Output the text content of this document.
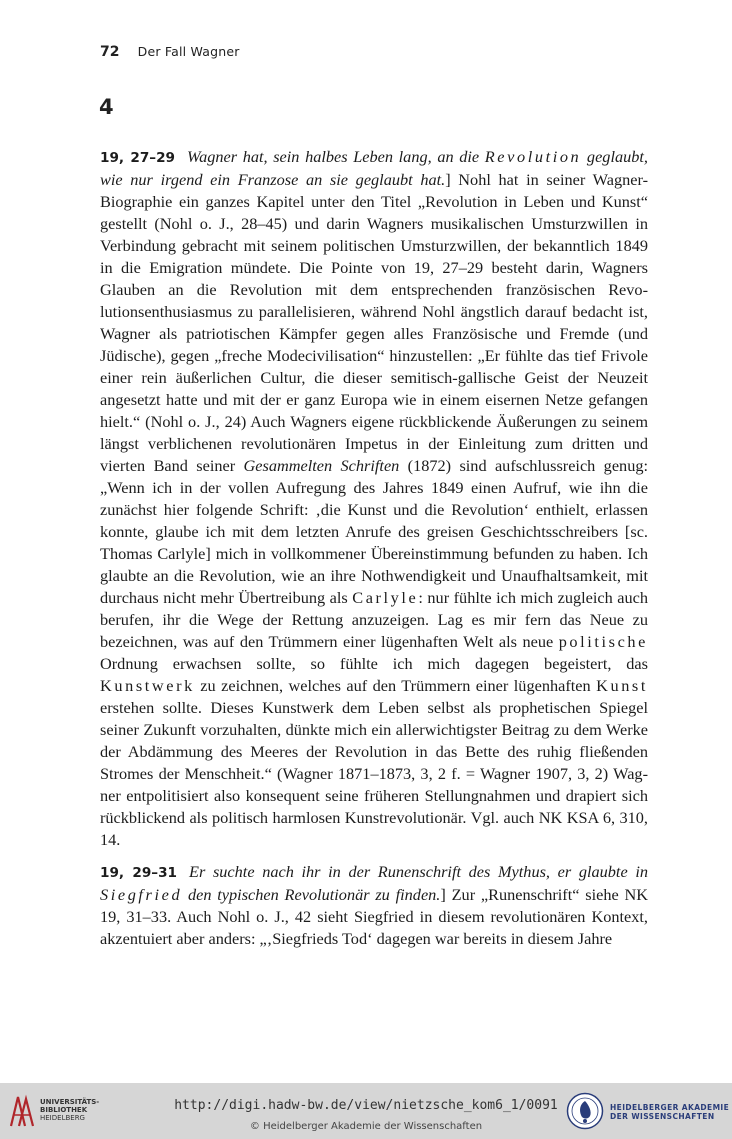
72 Der Fall Wagner
4

19, 27–29 Wagner hat, sein halbes Leben lang, an die Revolution geglaubt, wie nur irgend ein Franzose an sie geglaubt hat.] Nohl hat in seiner Wagner-Biographie ein ganzes Kapitel unter den Titel „Revolution in Leben und Kunst“ gestellt (Nohl o. J., 28–45) und darin Wagners musikalischen Umsturzwillen in Verbindung gebracht mit seinem politischen Umsturzwillen, der bekanntlich 1849 in die Emigration mündete. Die Pointe von 19, 27–29 besteht darin, Wagners Glauben an die Revolution mit dem entsprechenden französischen Revolutionsenthusiasmus zu parallelisieren, während Nohl ängstlich darauf bedacht ist, Wagner als patriotischen Kämpfer gegen alles Französische und Fremde (und Jüdische), gegen „freche Modecivilisation“ hinzustellen: „Er fühlte das tief Frivole einer rein äußerlichen Cultur, die dieser semitisch-gallische Geist der Neuzeit angesetzt hatte und mit der er ganz Europa wie in einem eisernen Netze gefangen hielt.“ (Nohl o. J., 24) Auch Wagners eigene rückblickende Äußerungen zu seinem längst verblichenen revolutionären Impetus in der Einleitung zum dritten und vierten Band seiner Gesammelten Schriften (1872) sind aufschlussreich genug: „Wenn ich in der vollen Aufregung des Jahres 1849 einen Aufruf, wie ihn die zunächst hier folgende Schrift: ‚die Kunst und die Revolution‘ enthielt, erlassen konnte, glaube ich mit dem letzten Anrufe des greisen Geschichtsschreibers [sc. Thomas Carlyle] mich in vollkommener Übereinstimmung befunden zu haben. Ich glaubte an die Revolution, wie an ihre Nothwendigkeit und Unaufhaltsamkeit, mit durchaus nicht mehr Übertreibung als Carlyle: nur fühlte ich mich zugleich auch berufen, ihr die Wege der Rettung anzuzeigen. Lag es mir fern das Neue zu bezeichnen, was auf den Trümmern einer lügenhaften Welt als neue politische Ordnung erwachsen sollte, so fühlte ich mich dagegen begeistert, das Kunstwerk zu zeichnen, welches auf den Trümmern einer lügenhaften Kunst erstehen sollte. Dieses Kunstwerk dem Leben selbst als prophetischen Spiegel seiner Zukunft vorzuhalten, dünkte mich ein allerwichtigster Beitrag zu dem Werke der Abdämmung des Meeres der Revolution in das Bette des ruhig fließenden Stromes der Menschheit.“ (Wagner 1871–1873, 3, 2 f. = Wagner 1907, 3, 2) Wagner entpolitisiert also konsequent seine früheren Stellungnahmen und drapiert sich rückblickend als politisch harmlosen Kunstrevolutionär. Vgl. auch NK KSA 6, 310, 14.

19, 29–31 Er suchte nach ihr in der Runenschrift des Mythus, er glaubte in Siegfried den typischen Revolutionär zu finden.] Zur „Runenschrift“ siehe NK 19, 31–33. Auch Nohl o. J., 42 sieht Siegfried in diesem revolutionären Kontext, akzentuiert aber anders: „‚Siegfrieds Tod‘ dagegen war bereits in diesem Jahre

UNIVERSITÄTS-
BIBLIOTHEK
HEIDELBERG
http://digi.hadw-bw.de/view/nietzsche_kom6_1/0091
© Heidelberger Akademie der Wissenschaften
HEIDELBERGER AKADEMIE
DER WISSENSCHAFTEN
